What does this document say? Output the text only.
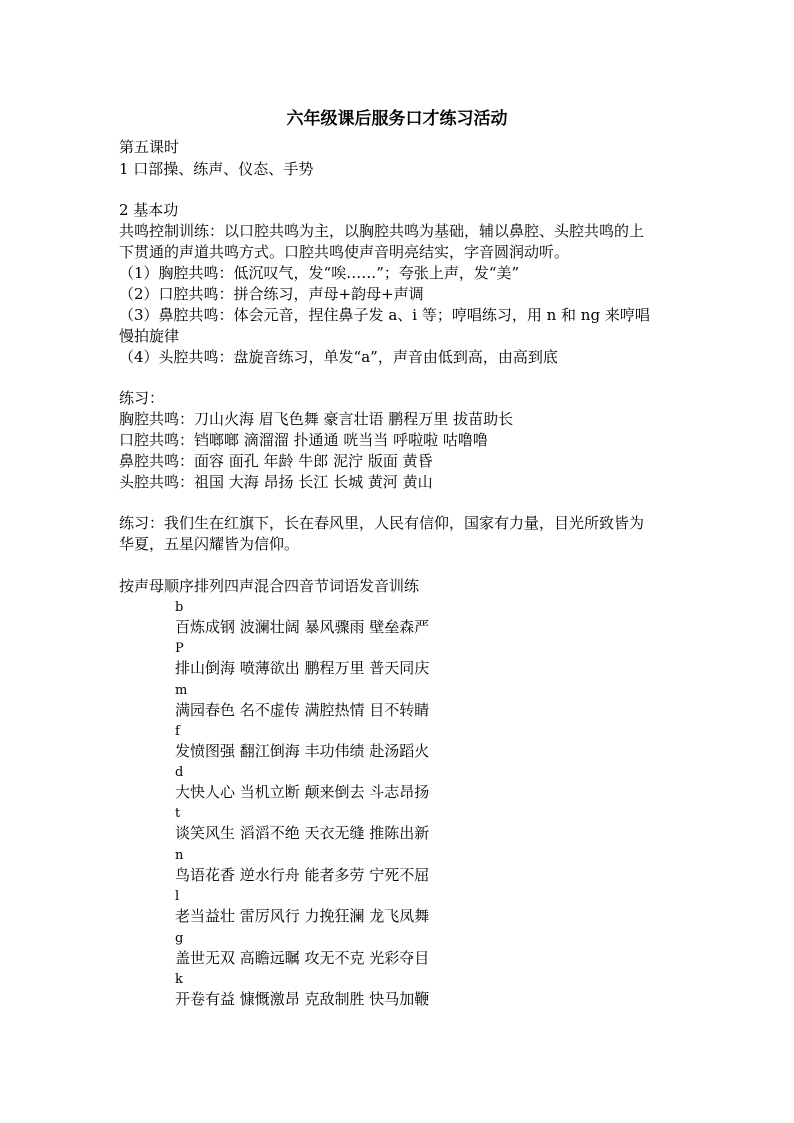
六年级课后服务口才练习活动
第五课时
1 口部操、练声、仪态、手势
2 基本功
共鸣控制训练：以口腔共鸣为主，以胸腔共鸣为基础，辅以鼻腔、头腔共鸣的上
下贯通的声道共鸣方式。口腔共鸣使声音明亮结实，字音圆润动听。
（1）胸腔共鸣：低沉叹气，发“唉……”；夸张上声，发“美”
（2）口腔共鸣：拼合练习，声母+韵母+声调
（3）鼻腔共鸣：体会元音，捏住鼻子发 a、i 等；哼唱练习，用 n 和 ng 来哼唱
慢拍旋律
（4）头腔共鸣：盘旋音练习，单发“a”，声音由低到高，由高到底
练习：
胸腔共鸣：刀山火海 眉飞色舞 豪言壮语 鹏程万里 拔苗助长
口腔共鸣：铛啷啷 滴溜溜 扑通通 咣当当 呼啦啦 咕噜噜
鼻腔共鸣：面容 面孔 年龄 牛郎 泥泞 版面 黄昏
头腔共鸣：祖国 大海 昂扬 长江 长城 黄河 黄山
练习：我们生在红旗下，长在春风里，人民有信仰，国家有力量，目光所致皆为
华夏，五星闪耀皆为信仰。
按声母顺序排列四声混合四音节词语发音训练
b
百炼成钢 波澜壮阔 暴风骤雨 壁垒森严
P
排山倒海 喷薄欲出 鹏程万里 普天同庆
m
满园春色 名不虚传 满腔热情 目不转睛
f
发愤图强 翻江倒海 丰功伟绩 赴汤蹈火
d
大快人心 当机立断 颠来倒去 斗志昂扬
t
谈笑风生 滔滔不绝 天衣无缝 推陈出新
n
鸟语花香 逆水行舟 能者多劳 宁死不屈
l
老当益壮 雷厉风行 力挽狂澜 龙飞凤舞
g
盖世无双 高瞻远瞩 攻无不克 光彩夺目
k
开卷有益 慷慨激昂 克敌制胜 快马加鞭
